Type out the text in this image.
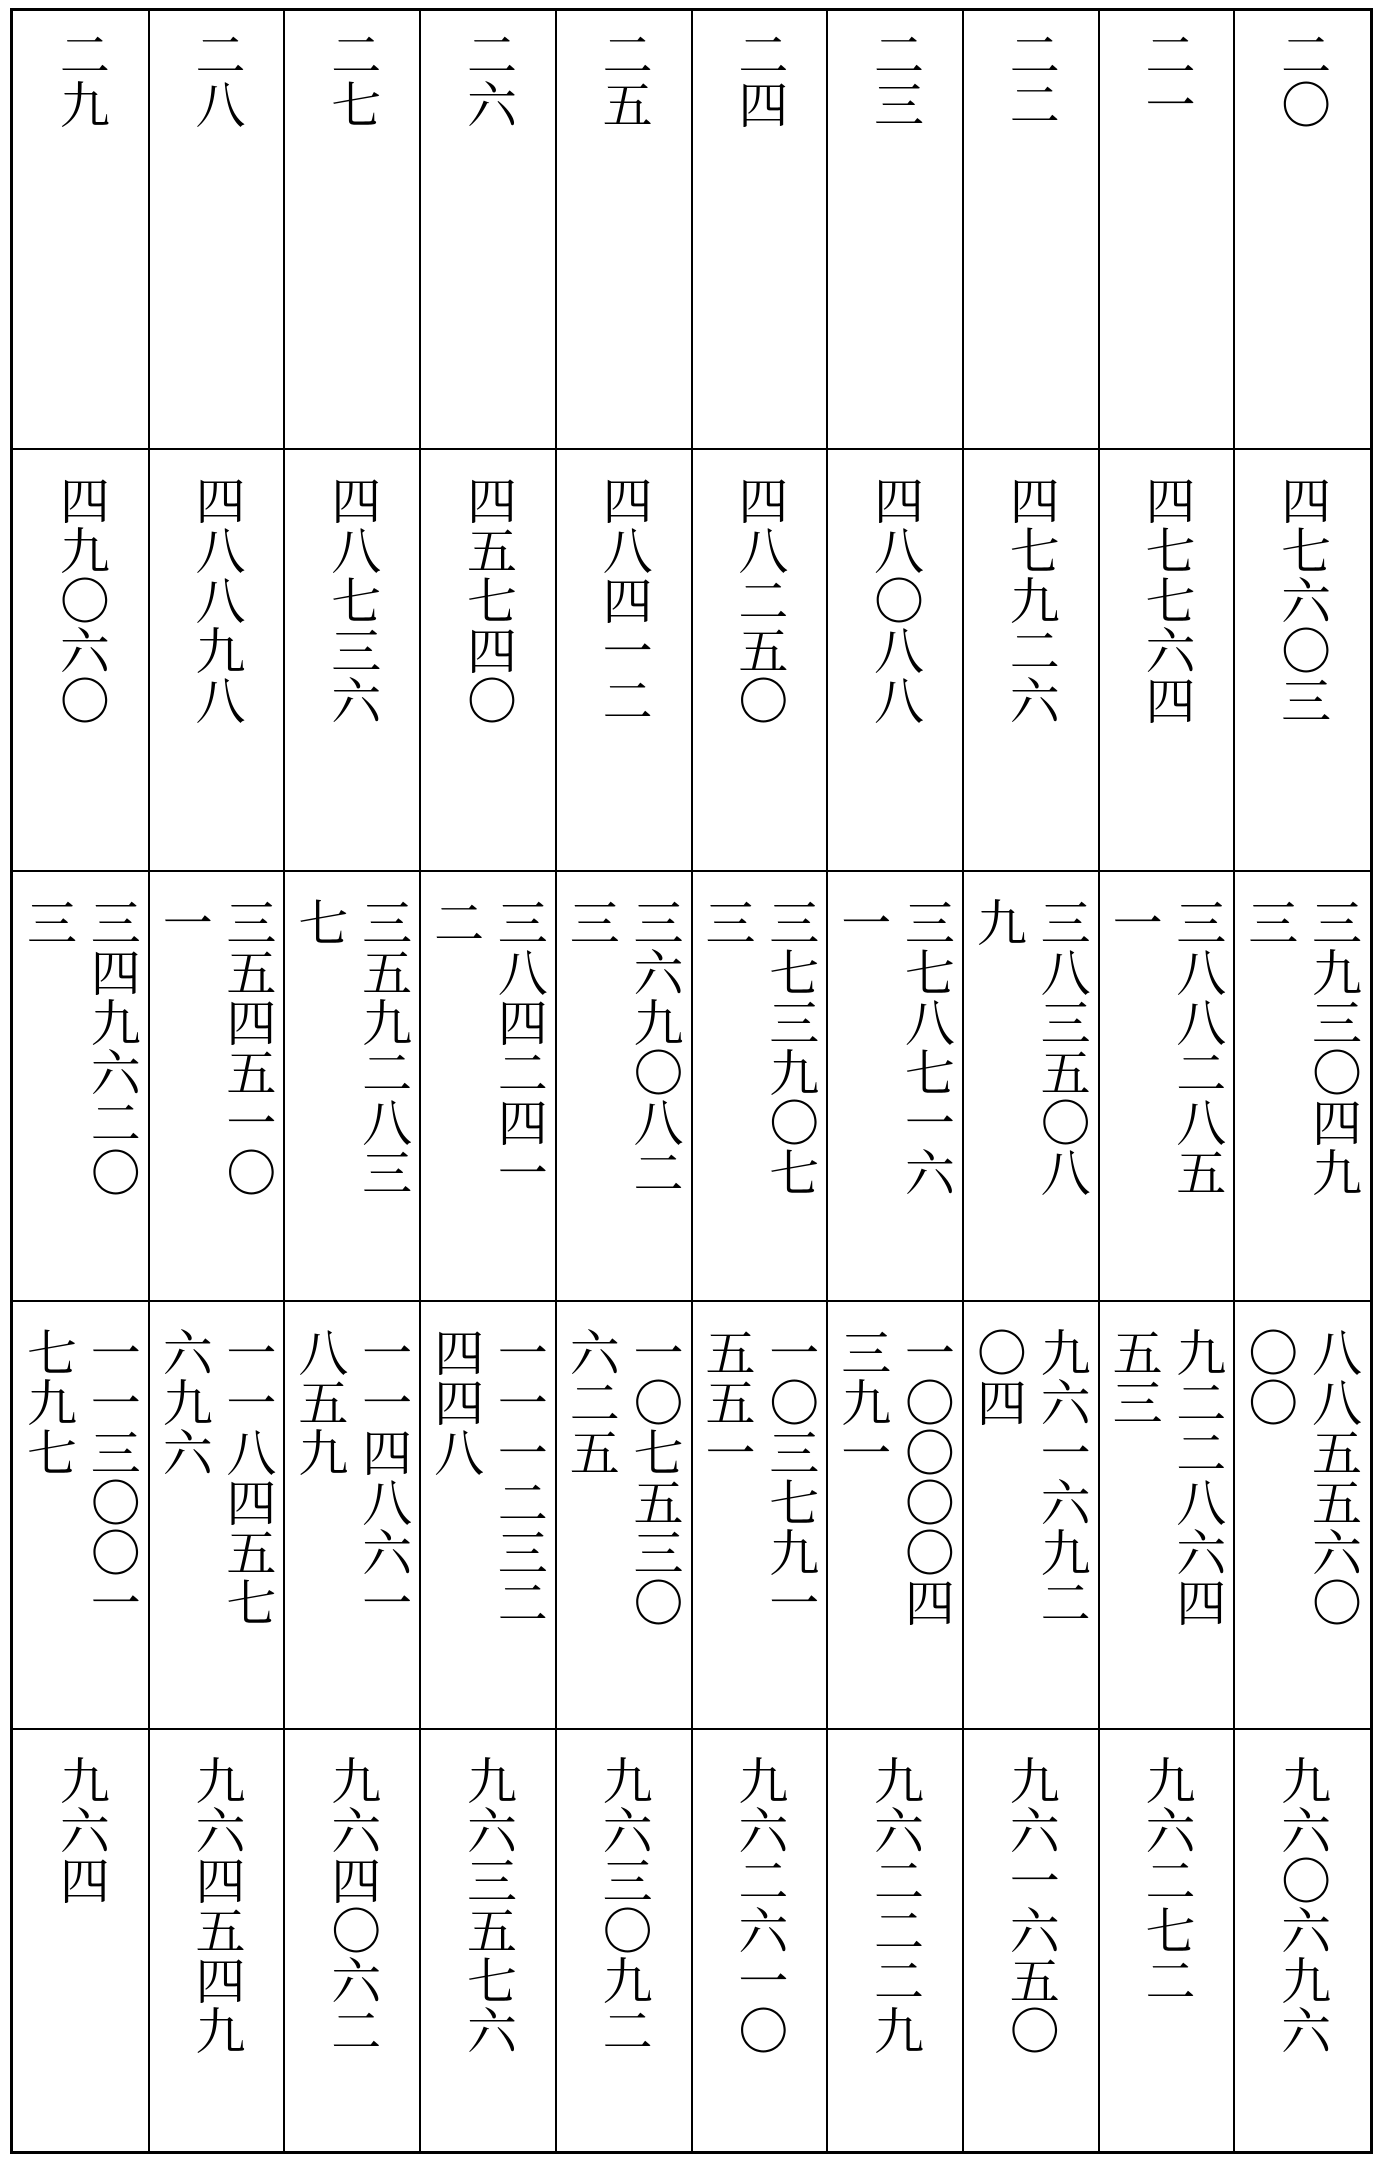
二〇
四七六〇三
三九三〇四九
三
八八五五六〇
〇〇
九六〇六九六
二一
四七七六四
三八八二八五
一
九二二八六四
五三
九六二七二
二二
四七九二六
三八三五〇八
九
九六一六九二
〇四
九六一六五〇
二三
四八〇八八
三七八七一六
一
一〇〇〇〇四
三九一
九六二二二九
二四
四八二五〇
三七三九〇七
三
一〇三七九一
五五一
九六二六一〇
二五
四八四一二
三六九〇八二
三
一〇七五三〇
六二五
九六三〇九二
二六
四五七四〇
三八四二四一
二
一一一二三二
四四八
九六三五七六
二七
四八七三六
三五九二八三
七
一一四八六一
八五九
九六四〇六二
二八
四八八九八
三五四五一〇
一
一一八四五七
六九六
九六四五四九
二九
四九〇六〇
三四九六二〇
三
一一三〇〇一
七九七
九六四
